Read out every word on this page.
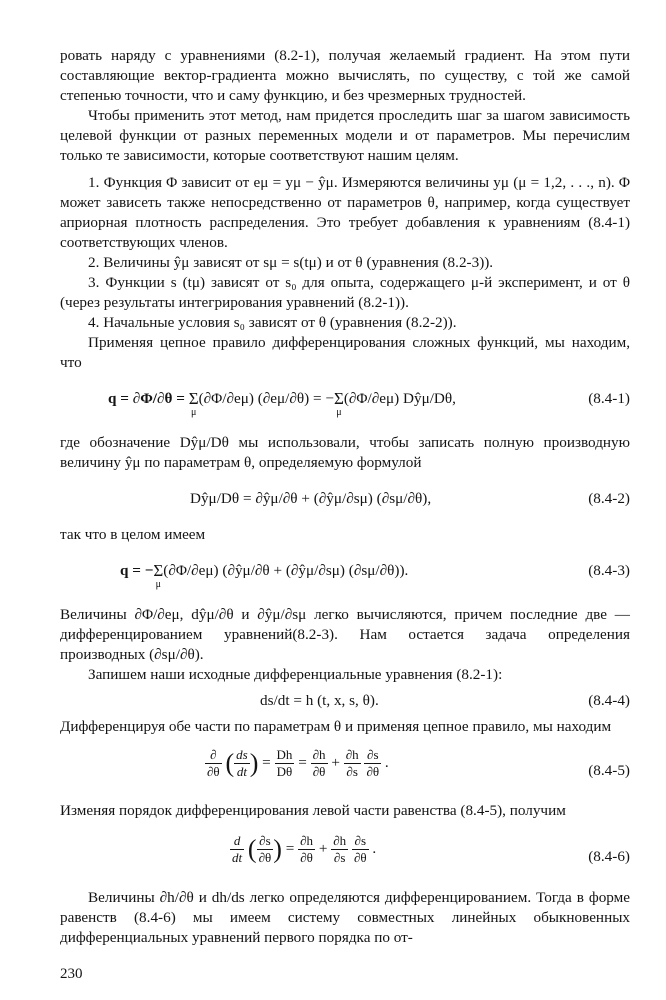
ровать наряду с уравнениями (8.2-1), получая желаемый градиент. На этом пути составляющие вектор-градиента можно вычислять, по существу, с той же самой степенью точности, что и саму функцию, и без чрезмерных трудностей.

Чтобы применить этот метод, нам придется проследить шаг за шагом зависимость целевой функции от разных переменных модели и от параметров. Мы перечислим только те зависимости, которые соответствуют нашим целям.

1. Функция Φ зависит от eμ = yμ − ŷμ. Измеряются величины yμ (μ = 1,2, . . ., n). Φ может зависеть также непосредственно от параметров θ, например, когда существует априорная плотность распределения. Это требует добавления к уравнениям (8.4-1) соответствующих членов.

2. Величины ŷμ зависят от sμ = s(tμ) и от θ (уравнения (8.2-3)).

3. Функции s (tμ) зависят от s₀ для опыта, содержащего μ-й эксперимент, и от θ (через результаты интегрирования уравнений (8.2-1)).

4. Начальные условия s₀ зависят от θ (уравнения (8.2-2)).

Применяя цепное правило дифференцирования сложных функций, мы находим, что

q = ∂Φ/∂θ = Σ
μ
(∂Φ/∂eμ) (∂eμ/∂θ) = − Σ
μ
(∂Φ/∂eμ) Dŷμ/Dθ,	(8.4-1)

где обозначение Dŷμ/Dθ мы использовали, чтобы записать полную производную величину ŷμ по параметрам θ, определяемую формулой

Dŷμ/Dθ = ∂ŷμ/∂θ + (∂ŷμ/∂sμ) (∂sμ/∂θ),	(8.4-2)

так что в целом имеем

q = − Σ
μ
(∂Φ/∂eμ) (∂ŷμ/∂θ + (∂ŷμ/∂sμ) (∂sμ/∂θ)).	(8.4-3)

Величины ∂Φ/∂eμ, dŷμ/∂θ и ∂ŷμ/∂sμ легко вычисляются, причем последние две — дифференцированием уравнений(8.2-3). Нам остается задача определения производных (∂sμ/∂θ).

Запишем наши исходные дифференциальные уравнения (8.2-1):

ds/dt = h (t, x, s, θ).	(8.4-4)

Дифференцируя обе части по параметрам θ и применяя цепное правило, мы находим

$\frac{\partial}{\partial\theta}$ ( $\frac{ds}{dt}$ ) = $\frac{Dh}{D\theta} = \frac{\partial h}{\partial\theta} + \frac{\partial h}{\partial s}$
$\frac{\partial s}{\partial\theta}$ .	(8.4-5)

Изменяя порядок дифференцирования левой части равенства (8.4-5), получим

$\frac{d}{dt}$ ( $\frac{\partial s}{\partial\theta}$ ) = $\frac{\partial h}{\partial\theta} + \frac{\partial h}{\partial s}$
$\frac{\partial s}{\partial\theta}$ .	(8.4-6)

Величины ∂h/∂θ и dh/ds легко определяются дифференцированием. Тогда в форме равенств (8.4-6) мы имеем систему совместных линейных обыкновенных дифференциальных уравнений первого порядка по от-

230
